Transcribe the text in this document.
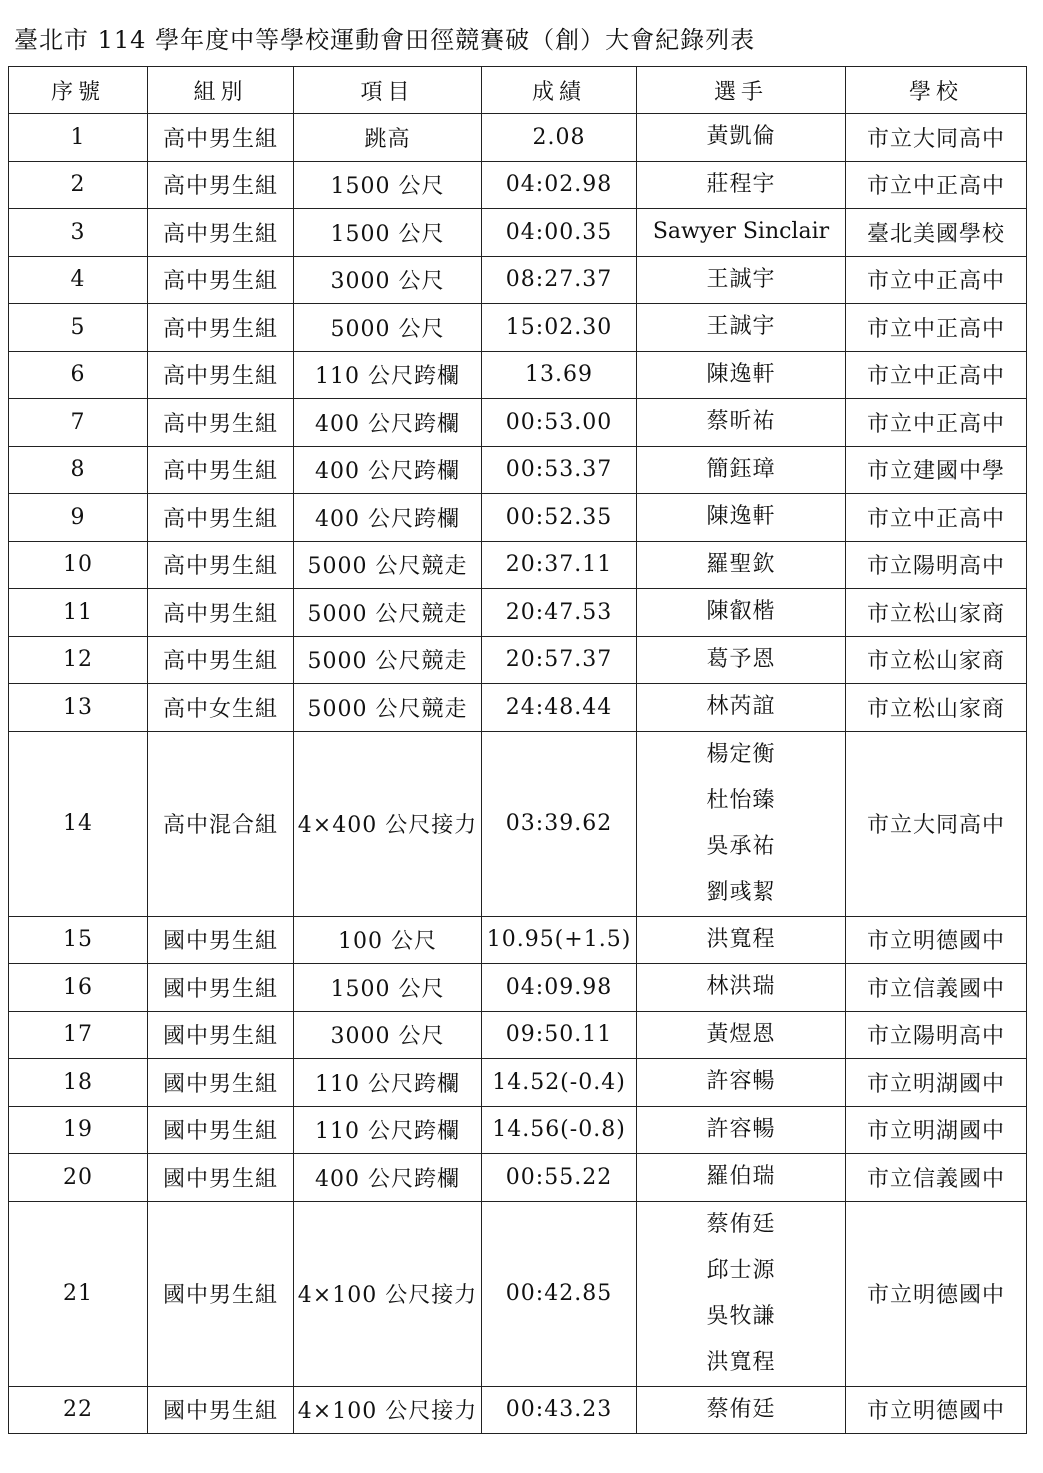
臺北市 114 學年度中等學校運動會田徑競賽破（創）大會紀錄列表
序號	組別	項目	成績	選手	學校
1	高中男生組	跳高	2.08	黃凱倫	市立大同高中
2	高中男生組	1500 公尺	04:02.98	莊程宇	市立中正高中
3	高中男生組	1500 公尺	04:00.35	Sawyer Sinclair	臺北美國學校
4	高中男生組	3000 公尺	08:27.37	王誠宇	市立中正高中
5	高中男生組	5000 公尺	15:02.30	王誠宇	市立中正高中
6	高中男生組	110 公尺跨欄	13.69	陳逸軒	市立中正高中
7	高中男生組	400 公尺跨欄	00:53.00	蔡昕祐	市立中正高中
8	高中男生組	400 公尺跨欄	00:53.37	簡鈺璋	市立建國中學
9	高中男生組	400 公尺跨欄	00:52.35	陳逸軒	市立中正高中
10	高中男生組	5000 公尺競走	20:37.11	羅聖欽	市立陽明高中
11	高中男生組	5000 公尺競走	20:47.53	陳叡楷	市立松山家商
12	高中男生組	5000 公尺競走	20:57.37	葛予恩	市立松山家商
13	高中女生組	5000 公尺競走	24:48.44	林芮誼	市立松山家商
14	高中混合組	4×400 公尺接力	03:39.62	楊定衡
杜怡臻
吳承祐
劉彧絜	市立大同高中
15	國中男生組	100 公尺	10.95(+1.5)	洪寬程	市立明德國中
16	國中男生組	1500 公尺	04:09.98	林洪瑞	市立信義國中
17	國中男生組	3000 公尺	09:50.11	黃煜恩	市立陽明高中
18	國中男生組	110 公尺跨欄	14.52(-0.4)	許容暢	市立明湖國中
19	國中男生組	110 公尺跨欄	14.56(-0.8)	許容暢	市立明湖國中
20	國中男生組	400 公尺跨欄	00:55.22	羅伯瑞	市立信義國中
21	國中男生組	4×100 公尺接力	00:42.85	蔡侑廷
邱士源
吳牧謙
洪寬程	市立明德國中
22	國中男生組	4×100 公尺接力	00:43.23	蔡侑廷	市立明德國中
